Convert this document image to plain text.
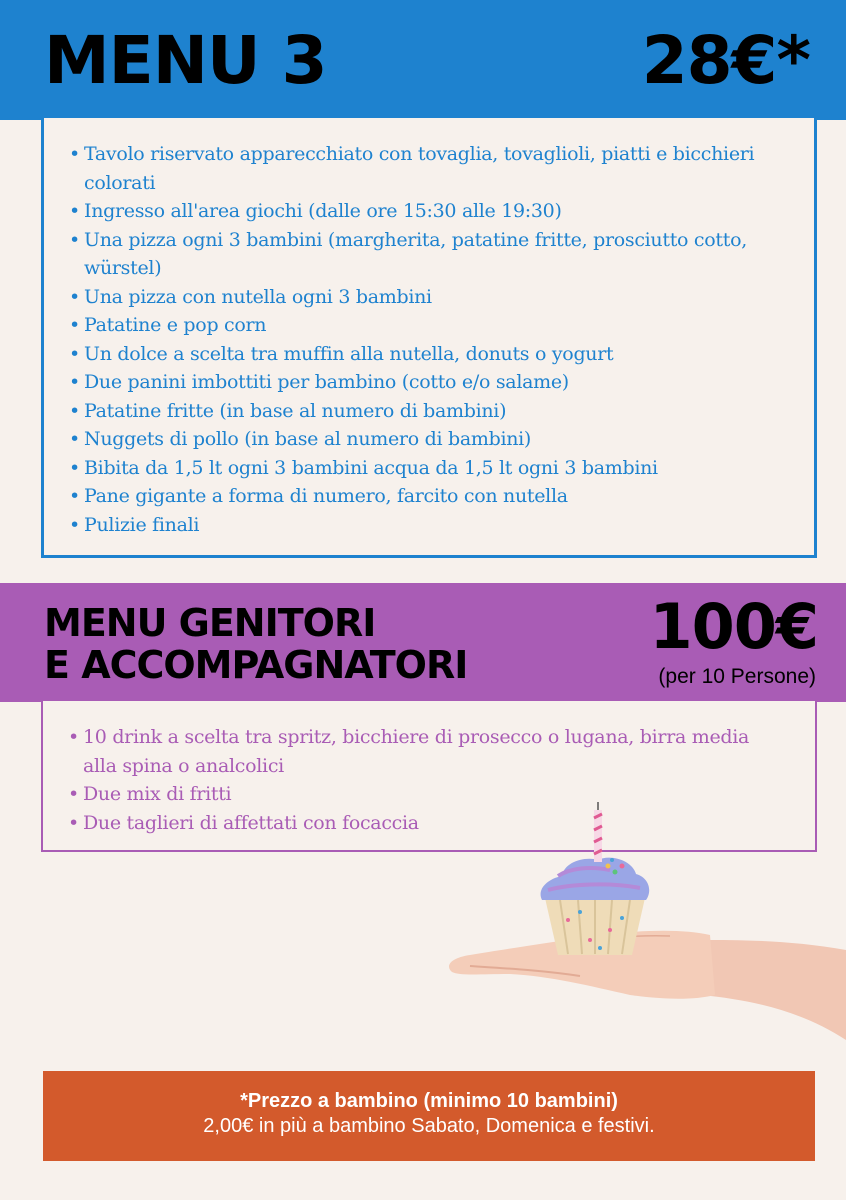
MENU 3	28€*
• Tavolo riservato apparecchiato con tovaglia, tovaglioli, piatti e bicchieri colorati
• Ingresso all'area giochi (dalle ore 15:30 alle 19:30)
• Una pizza ogni 3 bambini (margherita, patatine fritte, prosciutto cotto, würstel)
• Una pizza con nutella ogni 3 bambini
• Patatine e pop corn
• Un dolce a scelta tra muffin alla nutella, donuts o yogurt
• Due panini imbottiti per bambino (cotto e/o salame)
• Patatine fritte (in base al numero di bambini)
• Nuggets di pollo (in base al numero di bambini)
• Bibita da 1,5 lt ogni 3 bambini acqua da 1,5 lt ogni 3 bambini
• Pane gigante a forma di numero, farcito con nutella
• Pulizie finali
MENU GENITORI
E ACCOMPAGNATORI
100€
(per 10 Persone)
• 10 drink a scelta tra spritz, bicchiere di prosecco o lugana, birra media alla spina o analcolici
• Due mix di fritti
• Due taglieri di affettati con focaccia
*Prezzo a bambino (minimo 10 bambini)
2,00€ in più a bambino Sabato, Domenica e festivi.
